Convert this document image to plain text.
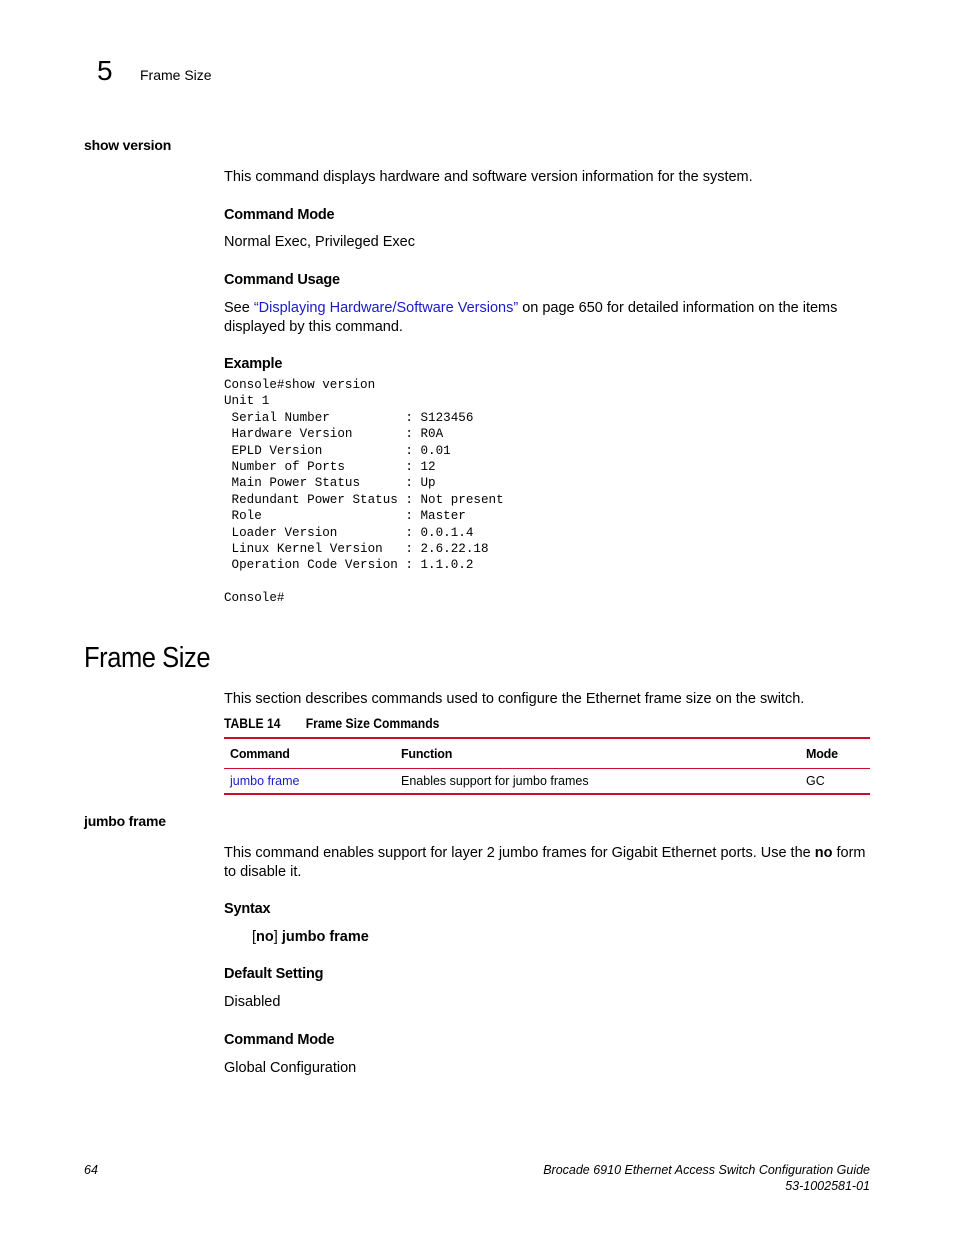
5 Frame Size
show version
This command displays hardware and software version information for the system.
Command Mode
Normal Exec, Privileged Exec
Command Usage
See “Displaying Hardware/Software Versions” on page 650 for detailed information on the items displayed by this command.
Example
Console#show version
Unit 1
Serial Number          : S123456
Hardware Version       : R0A
EPLD Version           : 0.01
Number of Ports        : 12
Main Power Status      : Up
Redundant Power Status : Not present
Role                   : Master
Loader Version         : 0.0.1.4
Linux Kernel Version   : 2.6.22.18
Operation Code Version : 1.1.0.2

Console#
Frame Size
This section describes commands used to configure the Ethernet frame size on the switch.
TABLE 14 Frame Size Commands
Command	Function	Mode
jumbo frame	Enables support for jumbo frames	GC
jumbo frame
This command enables support for layer 2 jumbo frames for Gigabit Ethernet ports. Use the no form to disable it.
Syntax
[no] jumbo frame
Default Setting
Disabled
Command Mode
Global Configuration
64	Brocade 6910 Ethernet Access Switch Configuration Guide
53-1002581-01
